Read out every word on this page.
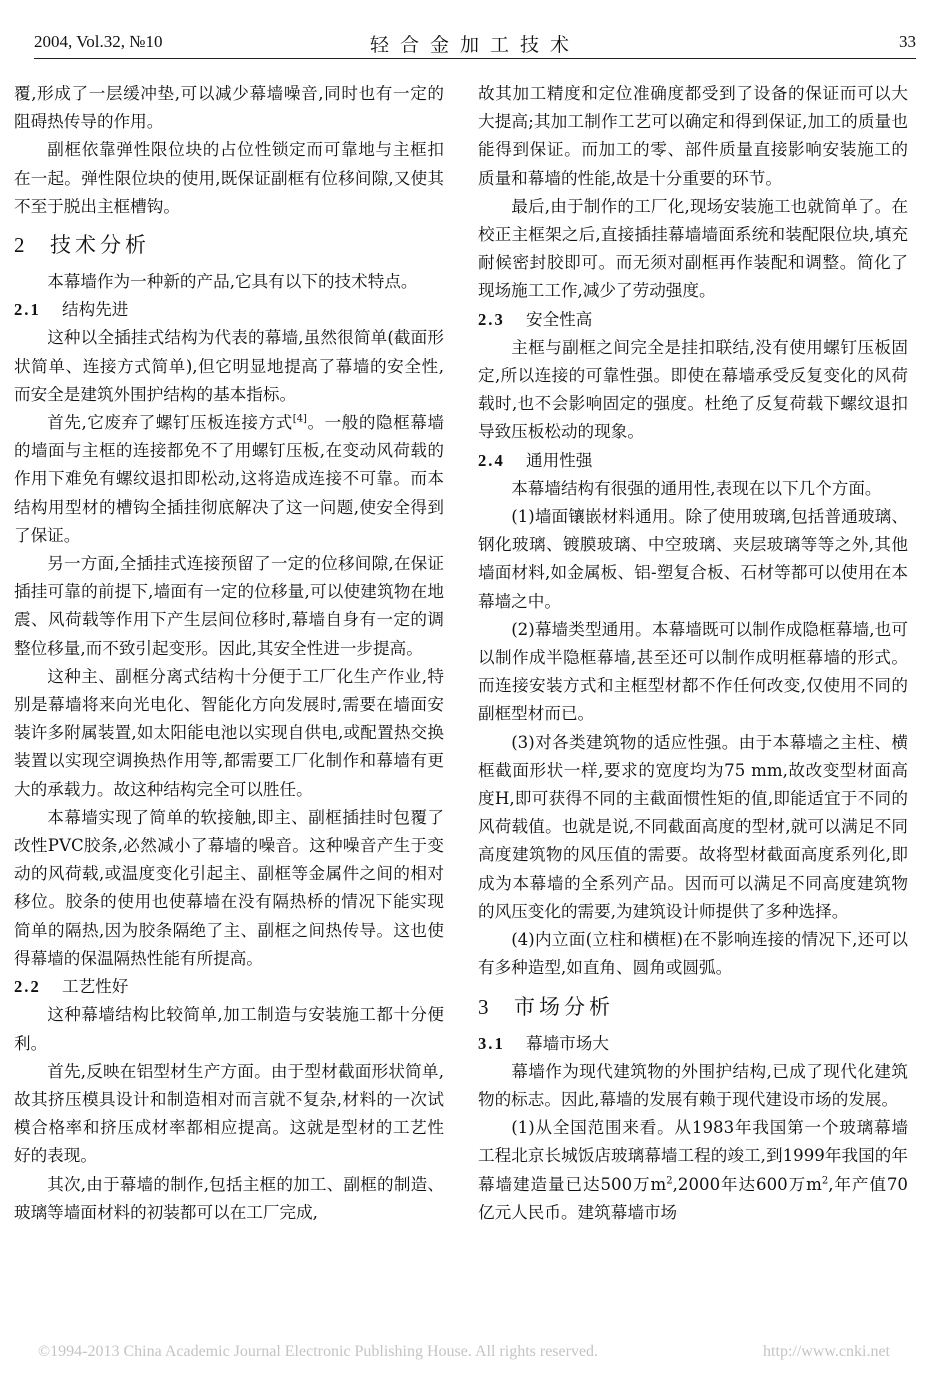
2004, Vol.32, №10	轻合金加工技术	33

覆,形成了一层缓冲垫,可以减少幕墙噪音,同时也有一定的阻碍热传导的作用。

副框依靠弹性限位块的占位性锁定而可靠地与主框扣在一起。弹性限位块的使用,既保证副框有位移间隙,又使其不至于脱出主框槽钩。

2 技术分析

本幕墙作为一种新的产品,它具有以下的技术特点。

2.1 结构先进

这种以全插挂式结构为代表的幕墙,虽然很简单(截面形状简单、连接方式简单),但它明显地提高了幕墙的安全性,而安全是建筑外围护结构的基本指标。

首先,它废弃了螺钉压板连接方式[4]。一般的隐框幕墙的墙面与主框的连接都免不了用螺钉压板,在变动风荷载的作用下难免有螺纹退扣即松动,这将造成连接不可靠。而本结构用型材的槽钩全插挂彻底解决了这一问题,使安全得到了保证。

另一方面,全插挂式连接预留了一定的位移间隙,在保证插挂可靠的前提下,墙面有一定的位移量,可以使建筑物在地震、风荷载等作用下产生层间位移时,幕墙自身有一定的调整位移量,而不致引起变形。因此,其安全性进一步提高。

这种主、副框分离式结构十分便于工厂化生产作业,特别是幕墙将来向光电化、智能化方向发展时,需要在墙面安装许多附属装置,如太阳能电池以实现自供电,或配置热交换装置以实现空调换热作用等,都需要工厂化制作和幕墙有更大的承载力。故这种结构完全可以胜任。

本幕墙实现了简单的软接触,即主、副框插挂时包覆了改性PVC胶条,必然减小了幕墙的噪音。这种噪音产生于变动的风荷载,或温度变化引起主、副框等金属件之间的相对移位。胶条的使用也使幕墙在没有隔热桥的情况下能实现简单的隔热,因为胶条隔绝了主、副框之间热传导。这也使得幕墙的保温隔热性能有所提高。

2.2 工艺性好

这种幕墙结构比较简单,加工制造与安装施工都十分便利。

首先,反映在铝型材生产方面。由于型材截面形状简单,故其挤压模具设计和制造相对而言就不复杂,材料的一次试模合格率和挤压成材率都相应提高。这就是型材的工艺性好的表现。

其次,由于幕墙的制作,包括主框的加工、副框的制造、玻璃等墙面材料的初装都可以在工厂完成,

故其加工精度和定位准确度都受到了设备的保证而可以大大提高;其加工制作工艺可以确定和得到保证,加工的质量也能得到保证。而加工的零、部件质量直接影响安装施工的质量和幕墙的性能,故是十分重要的环节。

最后,由于制作的工厂化,现场安装施工也就简单了。在校正主框架之后,直接插挂幕墙墙面系统和装配限位块,填充耐候密封胶即可。而无须对副框再作装配和调整。简化了现场施工工作,减少了劳动强度。

2.3 安全性高

主框与副框之间完全是挂扣联结,没有使用螺钉压板固定,所以连接的可靠性强。即使在幕墙承受反复变化的风荷载时,也不会影响固定的强度。杜绝了反复荷载下螺纹退扣导致压板松动的现象。

2.4 通用性强

本幕墙结构有很强的通用性,表现在以下几个方面。

(1)墙面镶嵌材料通用。除了使用玻璃,包括普通玻璃、钢化玻璃、镀膜玻璃、中空玻璃、夹层玻璃等等之外,其他墙面材料,如金属板、铝-塑复合板、石材等都可以使用在本幕墙之中。

(2)幕墙类型通用。本幕墙既可以制作成隐框幕墙,也可以制作成半隐框幕墙,甚至还可以制作成明框幕墙的形式。而连接安装方式和主框型材都不作任何改变,仅使用不同的副框型材而已。

(3)对各类建筑物的适应性强。由于本幕墙之主柱、横框截面形状一样,要求的宽度均为75 mm,故改变型材面高度H,即可获得不同的主截面惯性矩的值,即能适宜于不同的风荷载值。也就是说,不同截面高度的型材,就可以满足不同高度建筑物的风压值的需要。故将型材截面高度系列化,即成为本幕墙的全系列产品。因而可以满足不同高度建筑物的风压变化的需要,为建筑设计师提供了多种选择。

(4)内立面(立柱和横框)在不影响连接的情况下,还可以有多种造型,如直角、圆角或圆弧。

3 市场分析
3.1 幕墙市场大

幕墙作为现代建筑物的外围护结构,已成了现代化建筑物的标志。因此,幕墙的发展有赖于现代建设市场的发展。

(1)从全国范围来看。从1983年我国第一个玻璃幕墙工程北京长城饭店玻璃幕墙工程的竣工,到1999年我国的年幕墙建造量已达500万$m^2,2000$年达600万$m^2$,年产值70亿元人民币。建筑幕墙市场

©1994-2013 China Academic Journal Electronic Publishing House. All rights reserved.	http://www.cnki.net
